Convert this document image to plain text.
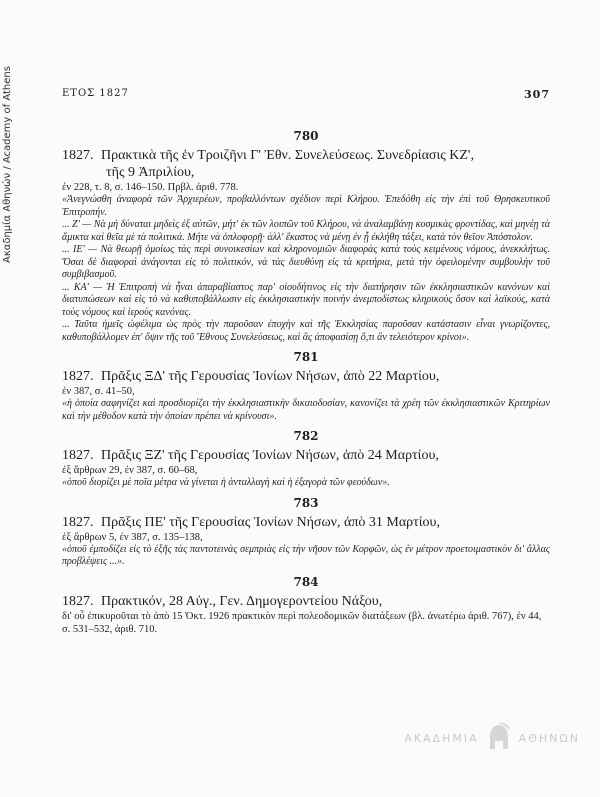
Ακαδημία Αθηνών / Academy of Athens	ΕΤΟΣ 1827	307
780
1827. Πρακτικὰ τῆς ἐν Τροιζῆνι Γ' Ἐθν. Συνελεύσεως. Συνεδρίασις ΚΖ',
τῆς 9 Ἀπριλίου,
ἐν 228, τ. 8, σ. 146–150. Πρβλ. ἀριθ. 778.
«Ἀνεγνώσθη ἀναφορὰ τῶν Ἀρχιερέων, προβαλλόντων σχέδιον περὶ Κλήρου. Ἐπεδόθη εἰς τὴν ἐπὶ τοῦ Θρησκευτικοῦ Ἐπιτροπήν.
... Ζ' — Νὰ μὴ δύναται μηδεὶς ἐξ αὐτῶν, μήτ' ἐκ τῶν λοιπῶν τοῦ Κλήρου, νὰ ἀναλαμβάνῃ κοσμικὰς φροντίδας, καὶ μηνέῃ τὰ ἄμικτα καὶ θεῖα μὲ τὰ πολιτικά. Μήτε νὰ ὁπλοφορῇ· ἀλλ' ἕκαστος νὰ μένῃ ἐν ᾗ ἐκλήθη τάξει, κατὰ τὸν θεῖον Ἀπόστολον.
... ΙΕ' — Νὰ θεωρῇ ὁμοίως τὰς περὶ συνοικεσίων καὶ κληρονομιῶν διαφορὰς κατὰ τοὺς κειμένους νόμους, ἀνεκκλήτως. Ὅσαι δὲ διαφοραὶ ἀνάγονται εἰς τὸ πολιτικόν, νὰ τὰς διευθύνῃ εἰς τὰ κριτήρια, μετὰ τὴν ὀφειλομένην συμβουλὴν τοῦ συμβιβασμοῦ.
... ΚΑ' — Ἡ Ἐπιτροπὴ νὰ ἦναι ἀπαραβίαστος παρ' οἱουδήτινος εἰς τὴν διατήρησιν τῶν ἐκκλησιαστικῶν κανόνων καὶ διατυπώσεων καὶ εἰς τὸ νὰ καθυποβάλλωσιν εἰς ἐκκλησιαστικὴν ποινὴν ἀνεμποδίστως κληρικοὺς ὅσον καὶ λαϊκούς, κατὰ τοὺς νόμους καὶ ἱεροὺς κανόνας.
... Ταῦτα ἡμεῖς ὠφέλιμα ὡς πρὸς τὴν παροῦσαν ἐποχὴν καὶ τῆς Ἐκκλησίας παροῦσαν κατάστασιν εἶναι γνωρίζοντες, καθυποβάλλομεν ἐπ' ὄψιν τῆς τοῦ Ἔθνους Συνελεύσεως, καὶ ἃς ἀποφασίσῃ ὅ,τι ἂν τελειότερον κρίνοι».
781
1827. Πρᾶξις ΞΔ' τῆς Γερουσίας Ἰονίων Νήσων, ἀπὸ 22 Μαρτίου,
ἐν 387, σ. 41–50,
«ἡ ὁποία σαφηνίζει καὶ προσδιορίζει τὴν ἐκκλησιαστικὴν δικαιοδοσίαν, κανονίζει τὰ χρέη τῶν ἐκκλησιαστικῶν Κριτηρίων καὶ τὴν μέθοδον κατὰ τὴν ὁποίαν πρέπει νὰ κρίνουσι».
782
1827. Πρᾶξις ΞΖ' τῆς Γερουσίας Ἰονίων Νήσων, ἀπὸ 24 Μαρτίου,
ἐξ ἄρθρων 29, ἐν 387, σ. 60–68,
«ὁποῦ διορίζει μὲ ποῖα μέτρα νὰ γίνεται ἡ ἀνταλλαγὴ καὶ ἡ ἐξαγορὰ τῶν φεούδων».
783
1827. Πρᾶξις ΠΕ' τῆς Γερουσίας Ἰονίων Νήσων, ἀπὸ 31 Μαρτίου,
ἐξ ἄρθρων 5, ἐν 387, σ. 135–138,
«ὁποῦ ἐμποδίζει εἰς τὸ ἑξῆς τὰς παντοτεινὰς σεμπριὰς εἰς τὴν νῆσον τῶν Κορφῶν, ὡς ἐν μέτρον προετοιμαστικὸν δι' ἄλλας προβλέψεις ...».
784
1827. Πρακτικόν, 28 Αὐγ., Γεν. Δημογεροντείου Νάξου,
δι' οὗ ἐπικυροῦται τὸ ἀπὸ 15 Ὀκτ. 1926 πρακτικὸν περὶ πολεοδομικῶν διατάξεων (βλ. ἀνωτέρω ἀριθ. 767), ἐν 44, σ. 531–532, ἀριθ. 710.
ΑΚΑΔΗΜΙΑ	ΑΘΗΝΩΝ
